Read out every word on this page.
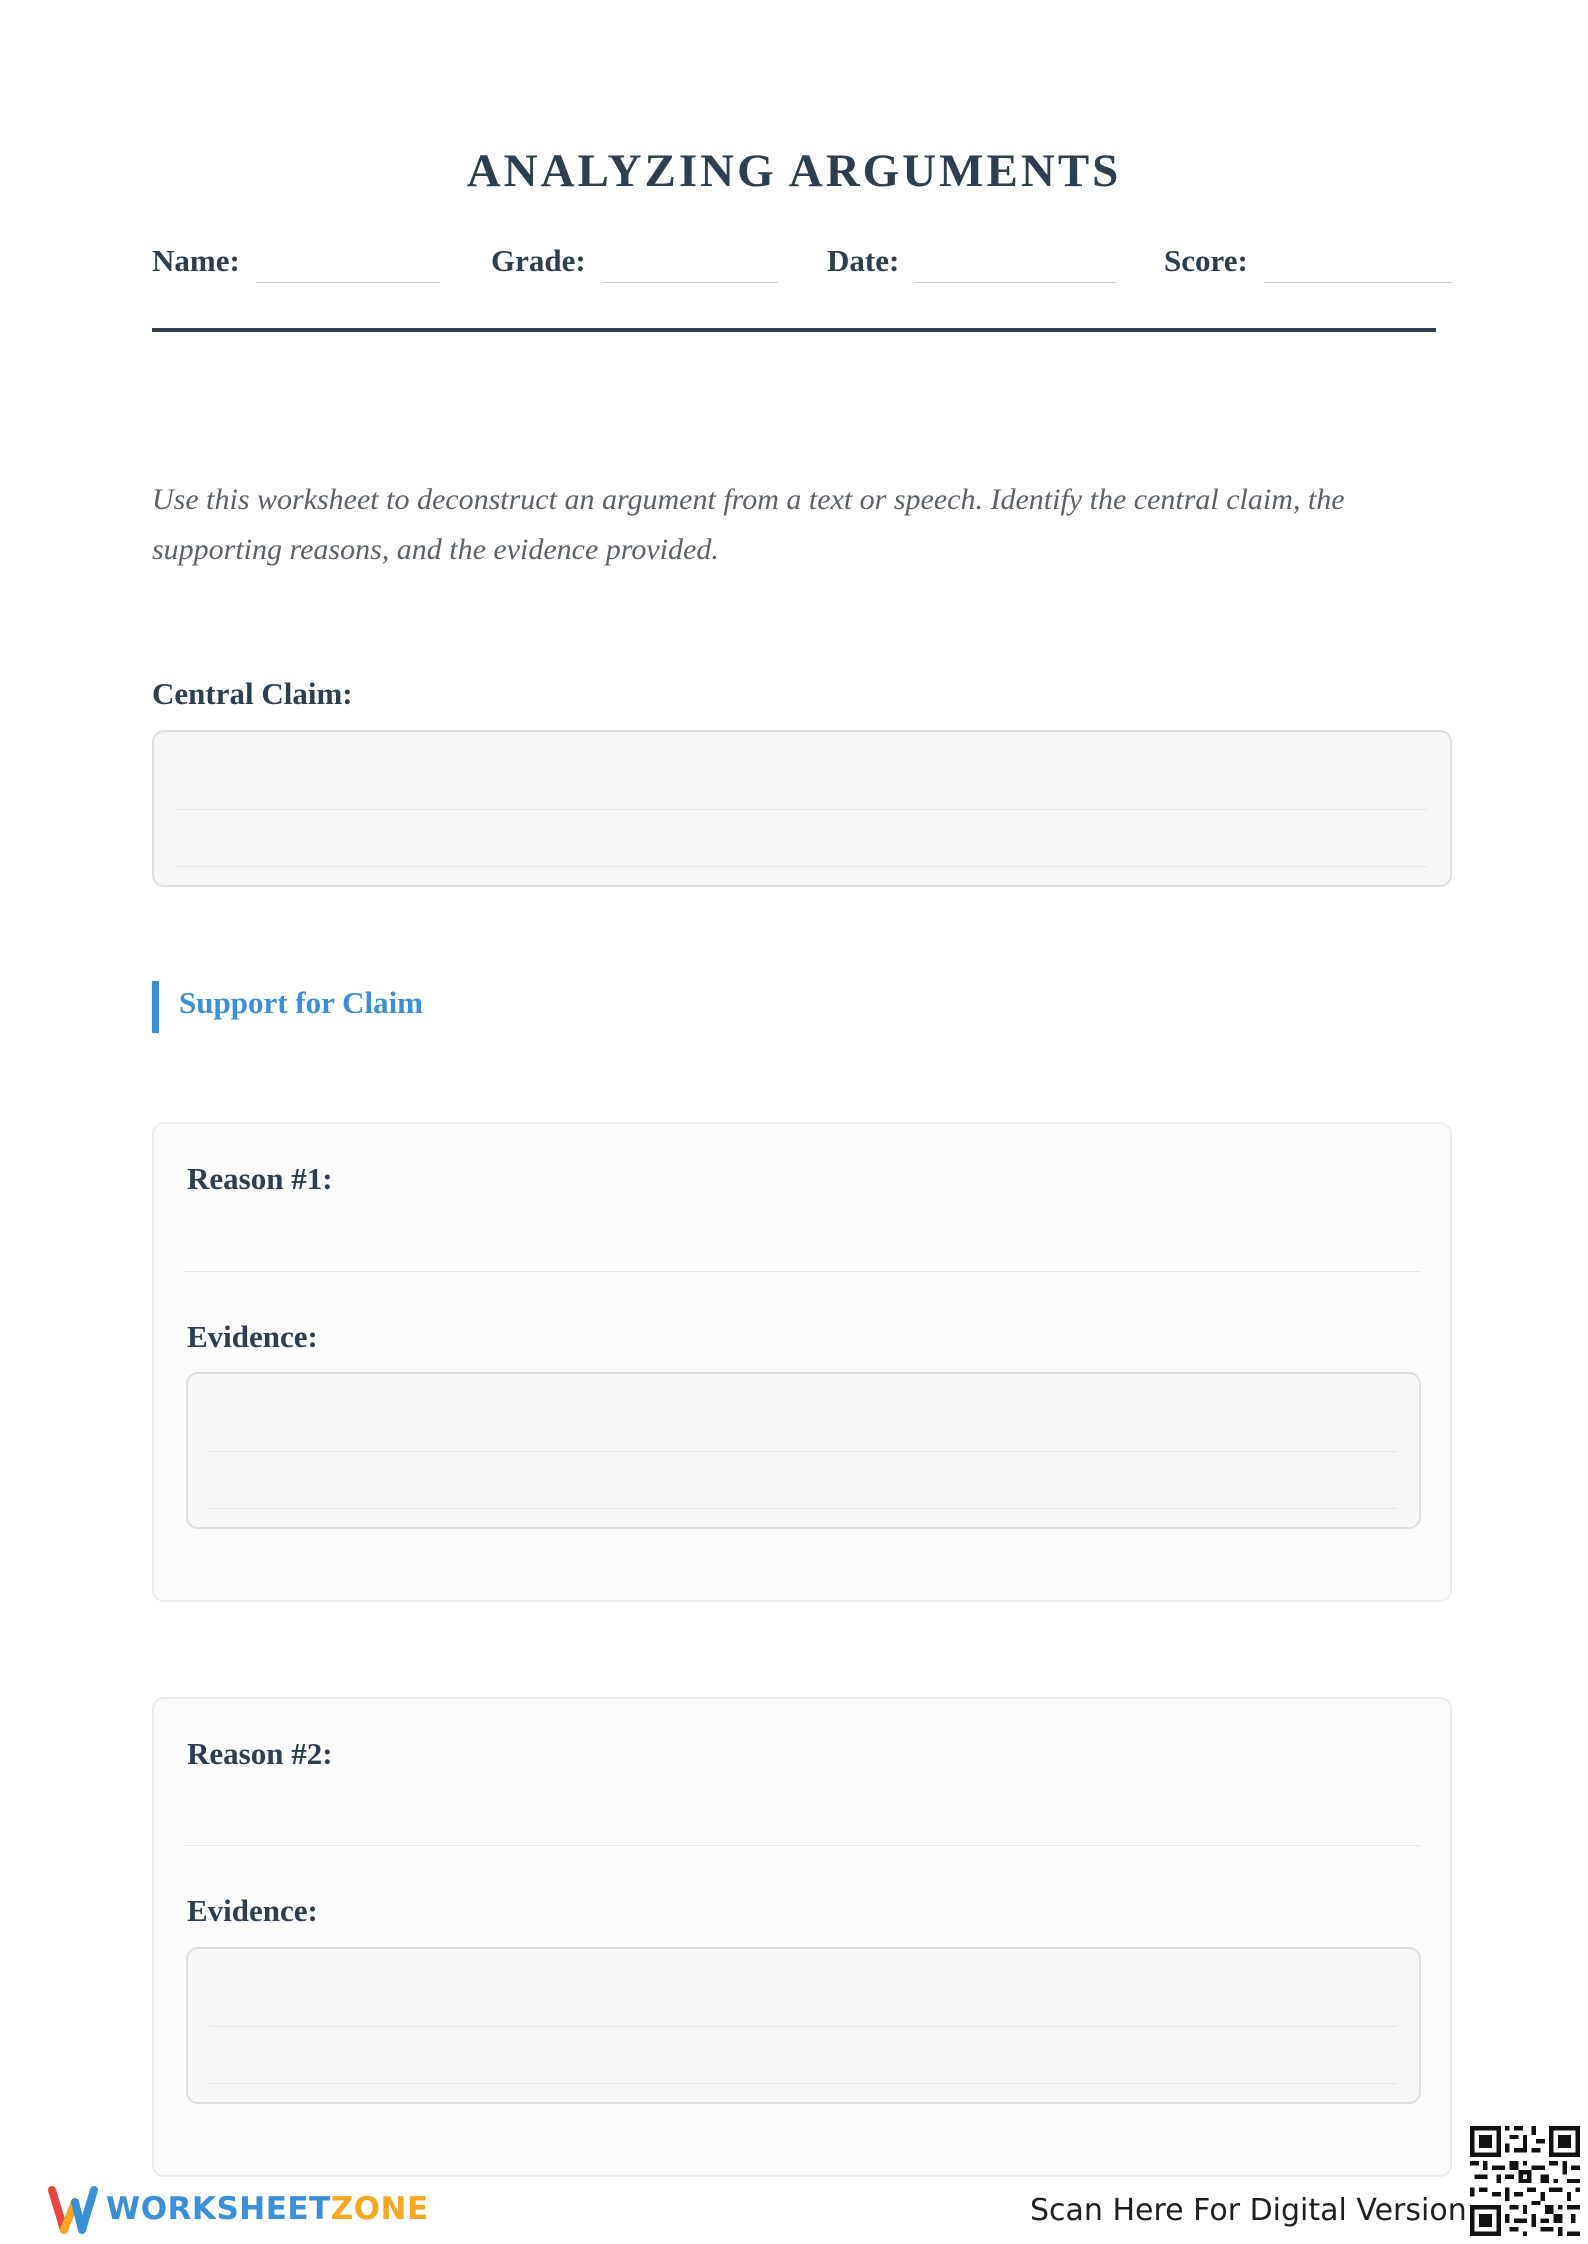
ANALYZING ARGUMENTS
Name:	Grade:	Date:	Score:
Use this worksheet to deconstruct an argument from a text or speech. Identify the central claim, the supporting reasons, and the evidence provided.
Central Claim:
Support for Claim
Reason #1:
Evidence:
Reason #2:
Evidence:
WORKSHEETZONE	Scan Here For Digital Version
